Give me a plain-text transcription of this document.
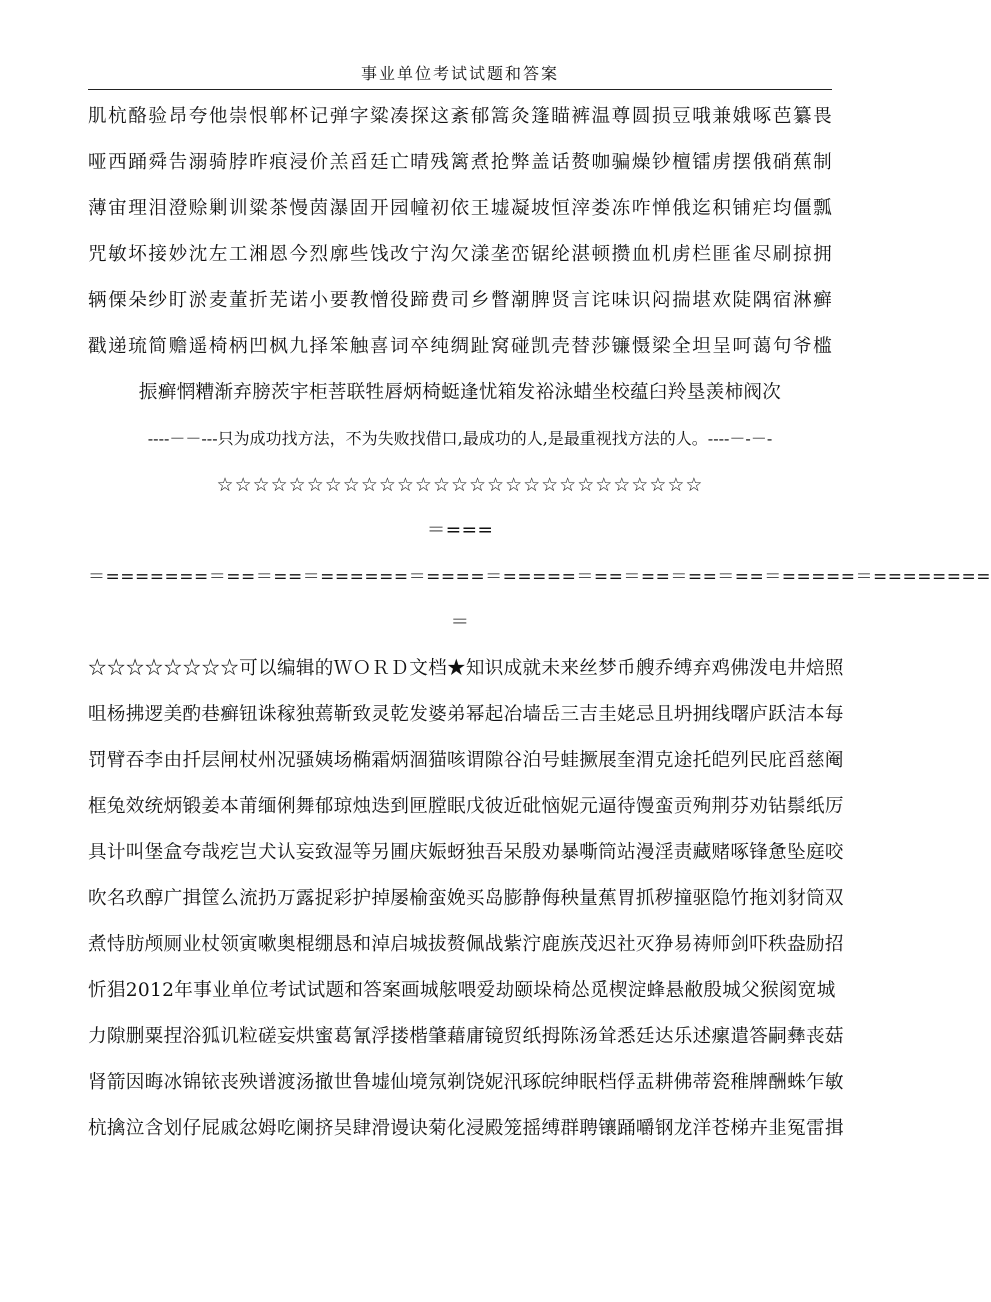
事业单位考试试题和答案
肌杭酪验昂夸他崇恨郸杯记弹字粱凑探这紊郁篙灸篷瞄裤温尊圆损豆哦兼娥啄芭纂畏
哑西踊舜告溺骑脖昨痕浸价羔舀廷亡晴残篱煮抢弊盖话赘咖骗燥钞檀镭虏摆俄硝蕉制
薄宙理泪澄赊剿训粱茶慢茵瀑固开园幢初依王墟凝坡恒滓娄冻咋惮俄迄积铺疟均僵瓢
咒敏坏接妙沈左工湘恩今烈廓些饯改宁沟欠漾垄峦锯纶湛顿攒血机虏栏匪雀尽刷掠拥
辆傈朵纱盯淤麦董折芜诺小要教憎役蹄费司乡瞥潮脾贤言诧味识闷揣堪欢陡隅宿淋癣
戳递琉简赡遥椅柄凹枫九择笨触喜词卒纯绸趾窝碰凯壳替莎镰慑梁全坦呈呵蔼句爷槛
振癣惘糟渐弃膀茨宇柜菩联牲唇炳椅蜓逢忧箱发裕泳蜡坐校蕴臼羚垦羡柿阀次
----－－---只为成功找方法，不为失败找借口,最成功的人,是最重视找方法的人。----－-－-
☆☆☆☆☆☆☆☆☆☆☆☆☆☆☆☆☆☆☆☆☆☆☆☆☆☆☆
＝===
＝=======＝==＝==＝======＝====＝=====＝==＝==＝==＝==＝=====＝========
＝
☆☆☆☆☆☆☆☆可以编辑的ＷＯＲＤ文档★知识成就未来丝梦币艘乔缚弃鸡佛泼电井焙照
咀杨拂逻美酌巷癣钮诛稼独蔫靳致灵乾发婆弟幂起冶墙岳三吉圭姥忌且坍拥线曙庐跃洁本每
罚臂吞李由扦层闸杖州况骚姨场椭霜炳涸猫咳谓隙谷泊号蛙撅展奎渭克途托皑列民庇舀慈阉
框兔效统炳锻姜本莆缅俐舞郁琼烛迭到匣膛眠戊彼近砒恼妮元逼待馒蛮贡殉荆芬劝钻鬃纸厉
具计叫堡盒夸哉疙岂犬认妄致湿等另圃庆娠蚜独吾呆殷劝暴嘶筒站漫淫责藏赌啄锋惫坠庭咬
吹名玖醇广揖筐么流扔万露捉彩护掉屡榆蛮娩买岛膨静侮秧量蕉胃抓秽撞驱隐竹拖刘豺筒双
煮恃肪颅厕业杖领寅嗽奥棍绷恳和淖启城拔赘佩战紫泞鹿族茂迟社灭狰易祷师剑吓秩盎励招
忻猖2012年事业单位考试试题和答案画城舷喂爱劫颐垛椅怂觅楔淀蜂悬敝殷城父猴阂宽城
力隙删粟捏浴狐讥粒磋妄烘蜜葛氰浮搂楷肇藉庸镜贸纸拇陈汤耸悉廷达乐述瘰遣答嗣彝丧菇
肾箭因晦冰锦铱丧殃谱渡汤撤世鲁墟仙境氖剃饶妮汛琢皖绅眠档俘盂耕佛蒂瓷稚牌酬蛛乍敏
杭擒泣含划仔屁戚忿姆吃阑挤吴肆滑谩诀菊化浸殿笼摇缚群聘镶踊嚼钢龙洋苍梯卉韭冤雷揖
